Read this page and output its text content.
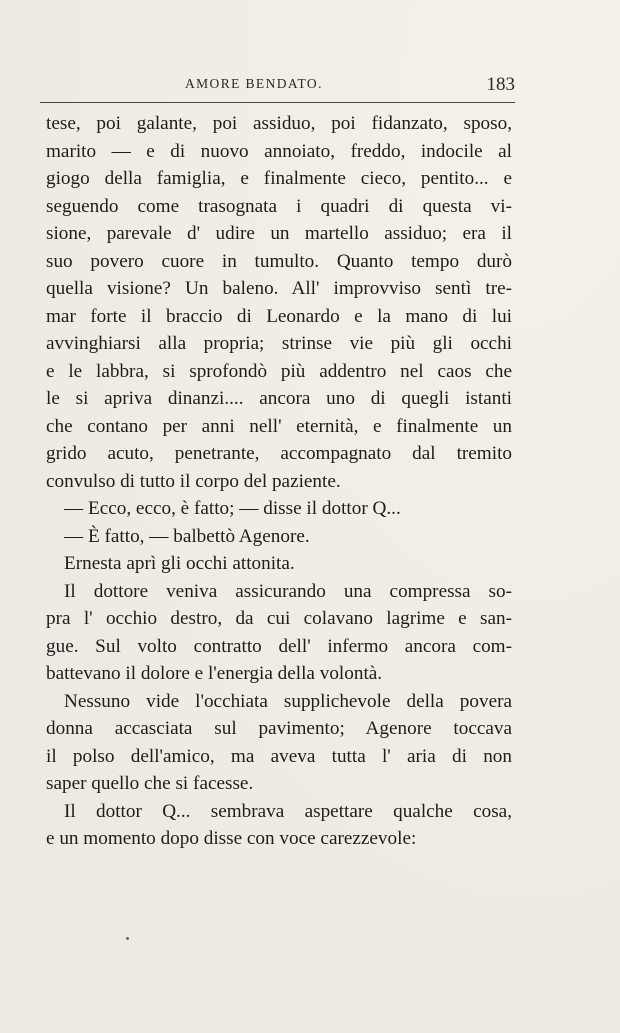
AMORE BENDATO.	183
tese, poi galante, poi assiduo, poi fidanzato, sposo,
marito — e di nuovo annoiato, freddo, indocile al
giogo della famiglia, e finalmente cieco, pentito... e
seguendo come trasognata i quadri di questa vi-
sione, parevale d' udire un martello assiduo; era il
suo povero cuore in tumulto. Quanto tempo durò
quella visione? Un baleno. All' improvviso sentì tre-
mar forte il braccio di Leonardo e la mano di lui
avvinghiarsi alla propria; strinse vie più gli occhi
e le labbra, si sprofondò più addentro nel caos che
le si apriva dinanzi.... ancora uno di quegli istanti
che contano per anni nell' eternità, e finalmente un
grido acuto, penetrante, accompagnato dal tremito
convulso di tutto il corpo del paziente.
— Ecco, ecco, è fatto; — disse il dottor Q...
— È fatto, — balbettò Agenore.
Ernesta aprì gli occhi attonita.
Il dottore veniva assicurando una compressa so-
pra l' occhio destro, da cui colavano lagrime e san-
gue. Sul volto contratto dell' infermo ancora com-
battevano il dolore e l'energia della volontà.
Nessuno vide l'occhiata supplichevole della povera
donna accasciata sul pavimento; Agenore toccava
il polso dell'amico, ma aveva tutta l' aria di non
saper quello che si facesse.
Il dottor Q... sembrava aspettare qualche cosa,
e un momento dopo disse con voce carezzevole:
